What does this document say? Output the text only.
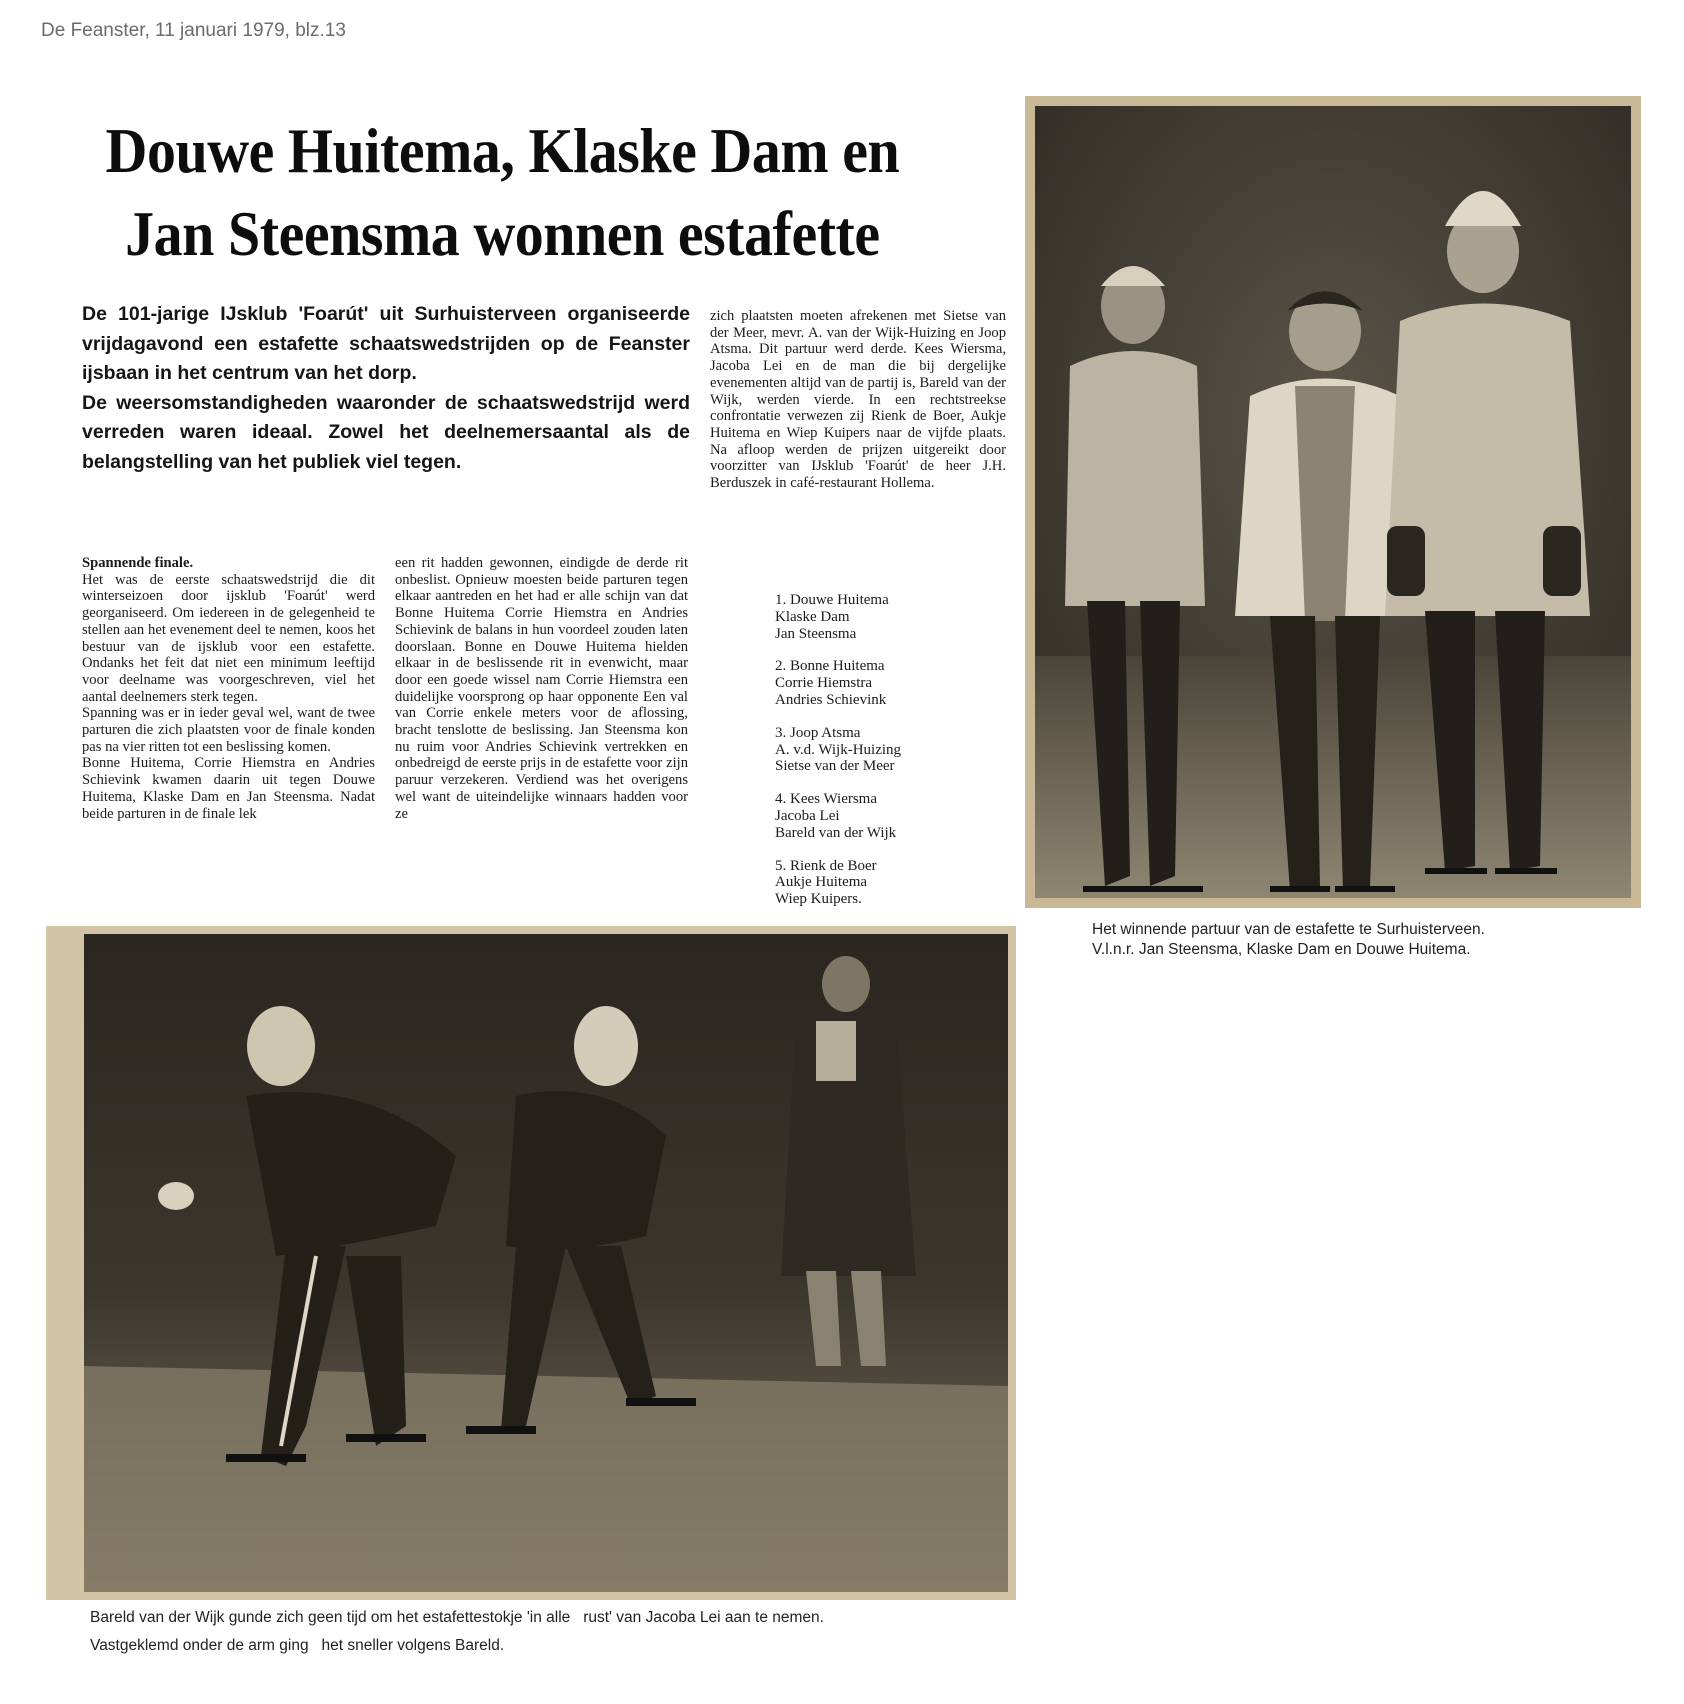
De Feanster, 11 januari 1979, blz.13
Douwe Huitema, Klaske Dam en
Jan Steensma wonnen estafette

De 101-jarige IJsklub 'Foarút' uit Surhuisterveen organiseerde vrijdagavond een estafette schaatswedstrijden op de Feanster ijsbaan in het centrum van het dorp.

De weersomstandigheden waaronder de schaatswedstrijd werd verreden waren ideaal. Zowel het deelnemersaantal als de belangstelling van het publiek viel tegen.

Spannende finale.

Het was de eerste schaatswedstrijd die dit winterseizoen door ijsklub 'Foarút' werd georganiseerd. Om iedereen in de gelegenheid te stellen aan het evenement deel te nemen, koos het bestuur van de ijsklub voor een estafette. Ondanks het feit dat niet een minimum leeftijd voor deelname was voorgeschreven, viel het aantal deelnemers sterk tegen.

Spanning was er in ieder geval wel, want de twee parturen die zich plaatsten voor de finale konden pas na vier ritten tot een beslissing komen.

Bonne Huitema, Corrie Hiemstra en Andries Schievink kwamen daarin uit tegen Douwe Huitema, Klaske Dam en Jan Steensma. Nadat beide parturen in de finale lek

een rit hadden gewonnen, eindigde de derde rit onbeslist. Opnieuw moesten beide parturen tegen elkaar aantreden en het had er alle schijn van dat Bonne Huitema Corrie Hiemstra en Andries Schievink de balans in hun voordeel zouden laten doorslaan. Bonne en Douwe Huitema hielden elkaar in de beslissende rit in evenwicht, maar door een goede wissel nam Corrie Hiemstra een duidelijke voorsprong op haar opponente Een val van Corrie enkele meters voor de aflossing, bracht tenslotte de beslissing. Jan Steensma kon nu ruim voor Andries Schievink vertrekken en onbedreigd de eerste prijs in de estafette voor zijn paruur verzekeren. Verdiend was het overigens wel want de uiteindelijke winnaars hadden voor ze

zich plaatsten moeten afrekenen met Sietse van der Meer, mevr. A. van der Wijk-Huizing en Joop Atsma. Dit partuur werd derde. Kees Wiersma, Jacoba Lei en de man die bij dergelijke evenementen altijd van de partij is, Bareld van der Wijk, werden vierde. In een rechtstreekse confrontatie verwezen zij Rienk de Boer, Aukje Huitema en Wiep Kuipers naar de vijfde plaats. Na afloop werden de prijzen uitgereikt door voorzitter van IJsklub 'Foarút' de heer J.H. Berduszek in café-restaurant Hollema.

1. Douwe Huitema
Klaske Dam
Jan Steensma
2. Bonne Huitema
Corrie Hiemstra
Andries Schievink
3. Joop Atsma
A. v.d. Wijk-Huizing
Sietse van der Meer
4. Kees Wiersma
Jacoba Lei
Bareld van der Wijk
5. Rienk de Boer
Aukje Huitema
Wiep Kuipers.
Het winnende partuur van de estafette te Surhuisterveen.
V.l.n.r. Jan Steensma, Klaske Dam en Douwe Huitema.
Bareld van der Wijk gunde zich geen tijd om het estafettestokje 'in alle   rust' van Jacoba Lei aan te nemen.
Vastgeklemd onder de arm ging   het sneller volgens Bareld.
